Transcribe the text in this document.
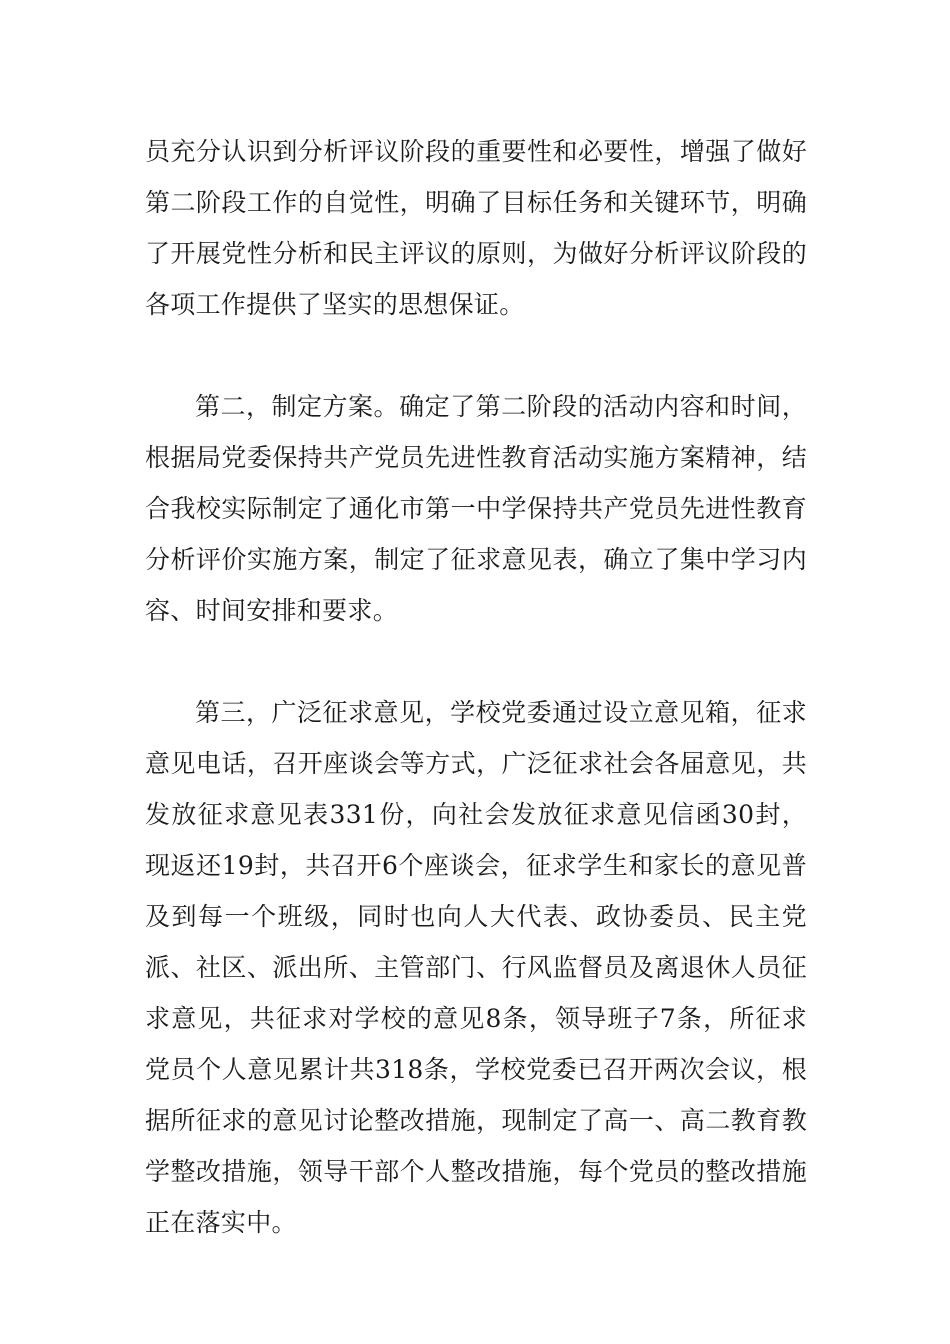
员充分认识到分析评议阶段的重要性和必要性，增强了做好第二阶段工作的自觉性，明确了目标任务和关键环节，明确了开展党性分析和民主评议的原则，为做好分析评议阶段的各项工作提供了坚实的思想保证。

第二，制定方案。确定了第二阶段的活动内容和时间，根据局党委保持共产党员先进性教育活动实施方案精神，结合我校实际制定了通化市第一中学保持共产党员先进性教育分析评价实施方案，制定了征求意见表，确立了集中学习内容、时间安排和要求。

第三，广泛征求意见，学校党委通过设立意见箱，征求意见电话，召开座谈会等方式，广泛征求社会各届意见，共发放征求意见表331份，向社会发放征求意见信函30封，现返还19封，共召开6个座谈会，征求学生和家长的意见普及到每一个班级，同时也向人大代表、政协委员、民主党派、社区、派出所、主管部门、行风监督员及离退休人员征求意见，共征求对学校的意见8条，领导班子7条，所征求党员个人意见累计共318条，学校党委已召开两次会议，根据所征求的意见讨论整改措施，现制定了高一、高二教育教学整改措施，领导干部个人整改措施，每个党员的整改措施正在落实中。
